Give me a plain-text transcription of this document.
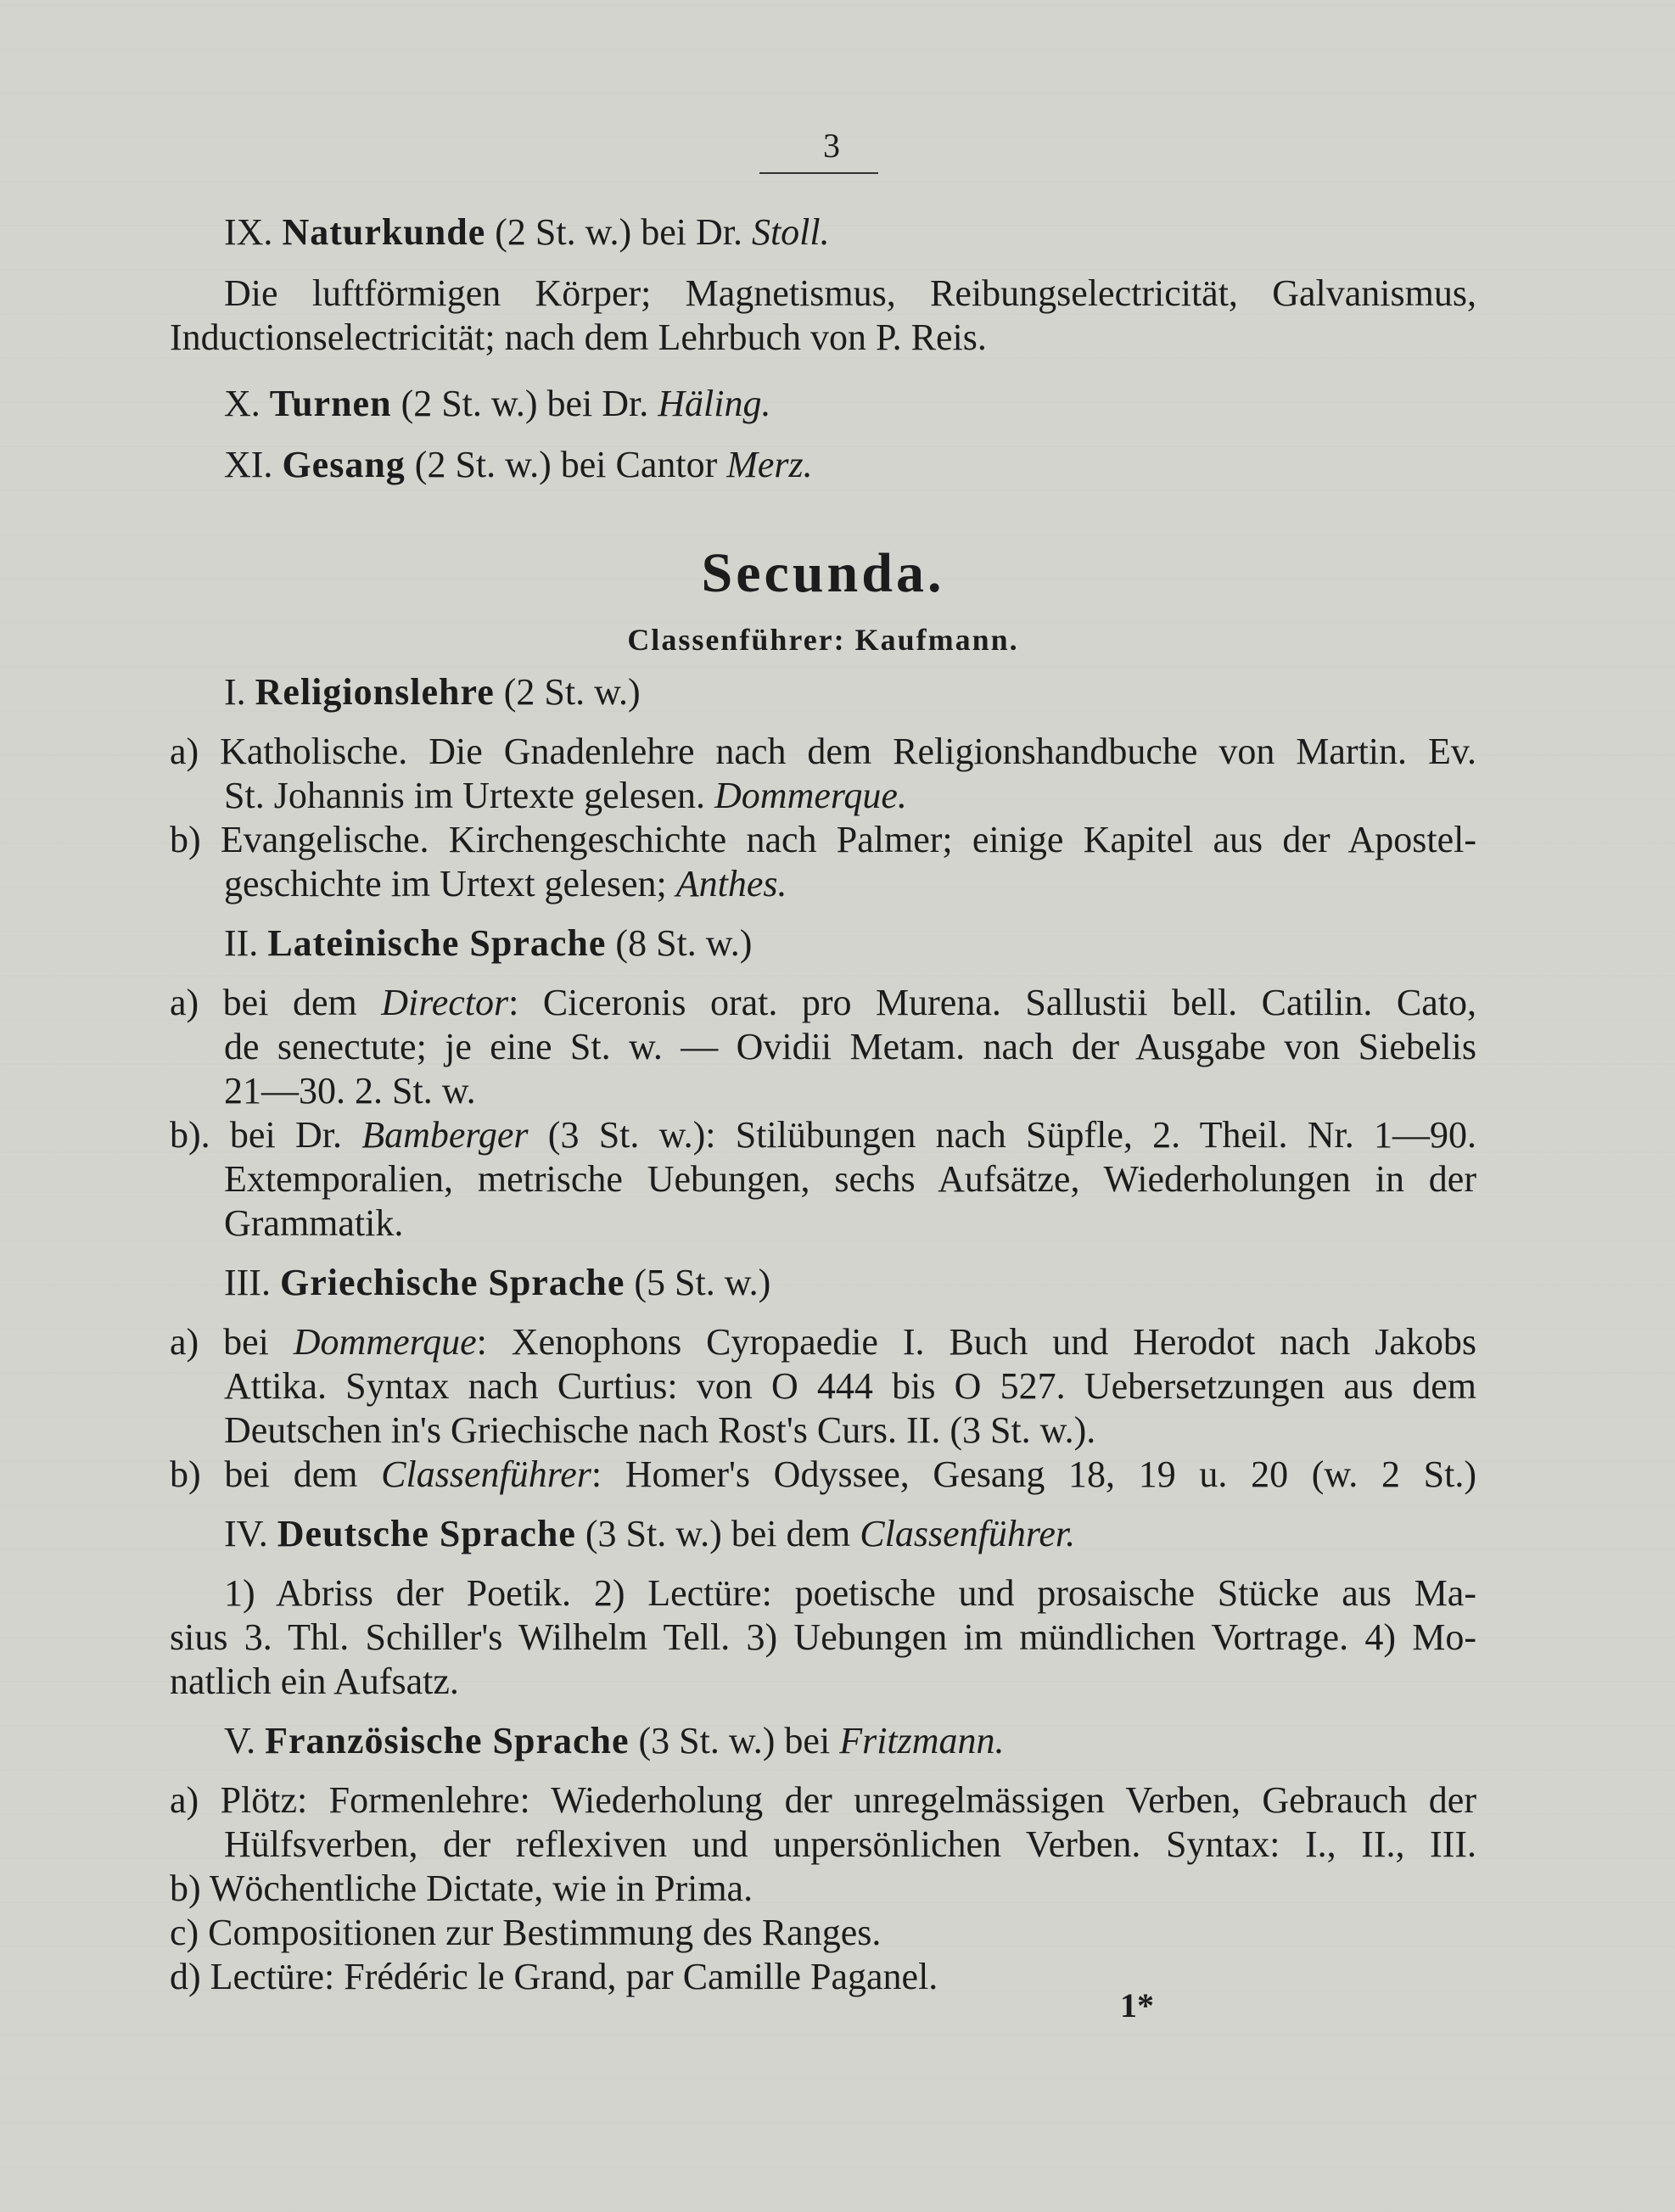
3
IX. Naturkunde (2 St. w.) bei Dr. Stoll.
Die luftförmigen Körper; Magnetismus, Reibungselectricität, Galvanismus,
Inductionselectricität; nach dem Lehrbuch von P. Reis.
X. Turnen (2 St. w.) bei Dr. Häling.
XI. Gesang (2 St. w.) bei Cantor Merz.
Secunda.
Classenführer: Kaufmann.
I. Religionslehre (2 St. w.)
a) Katholische. Die Gnadenlehre nach dem Religionshandbuche von Martin. Ev.
St. Johannis im Urtexte gelesen. Dommerque.
b) Evangelische. Kirchengeschichte nach Palmer; einige Kapitel aus der Apostel-
geschichte im Urtext gelesen; Anthes.
II. Lateinische Sprache (8 St. w.)
a) bei dem Director: Ciceronis orat. pro Murena. Sallustii bell. Catilin. Cato,
de senectute; je eine St. w. — Ovidii Metam. nach der Ausgabe von Siebelis
21—30. 2. St. w.
b). bei Dr. Bamberger (3 St. w.): Stilübungen nach Süpfle, 2. Theil. Nr. 1—90.
Extemporalien, metrische Uebungen, sechs Aufsätze, Wiederholungen in der
Grammatik.
III. Griechische Sprache (5 St. w.)
a) bei Dommerque: Xenophons Cyropaedie I. Buch und Herodot nach Jakobs
Attika. Syntax nach Curtius: von O 444 bis O 527. Uebersetzungen aus dem
Deutschen in's Griechische nach Rost's Curs. II. (3 St. w.).
b) bei dem Classenführer: Homer's Odyssee, Gesang 18, 19 u. 20 (w. 2 St.)
IV. Deutsche Sprache (3 St. w.) bei dem Classenführer.
1) Abriss der Poetik. 2) Lectüre: poetische und prosaische Stücke aus Ma-
sius 3. Thl. Schiller's Wilhelm Tell. 3) Uebungen im mündlichen Vortrage. 4) Mo-
natlich ein Aufsatz.
V. Französische Sprache (3 St. w.) bei Fritzmann.
a) Plötz: Formenlehre: Wiederholung der unregelmässigen Verben, Gebrauch der
Hülfsverben, der reflexiven und unpersönlichen Verben. Syntax: I., II., III.
b) Wöchentliche Dictate, wie in Prima.
c) Compositionen zur Bestimmung des Ranges.
d) Lectüre: Frédéric le Grand, par Camille Paganel.
1*
